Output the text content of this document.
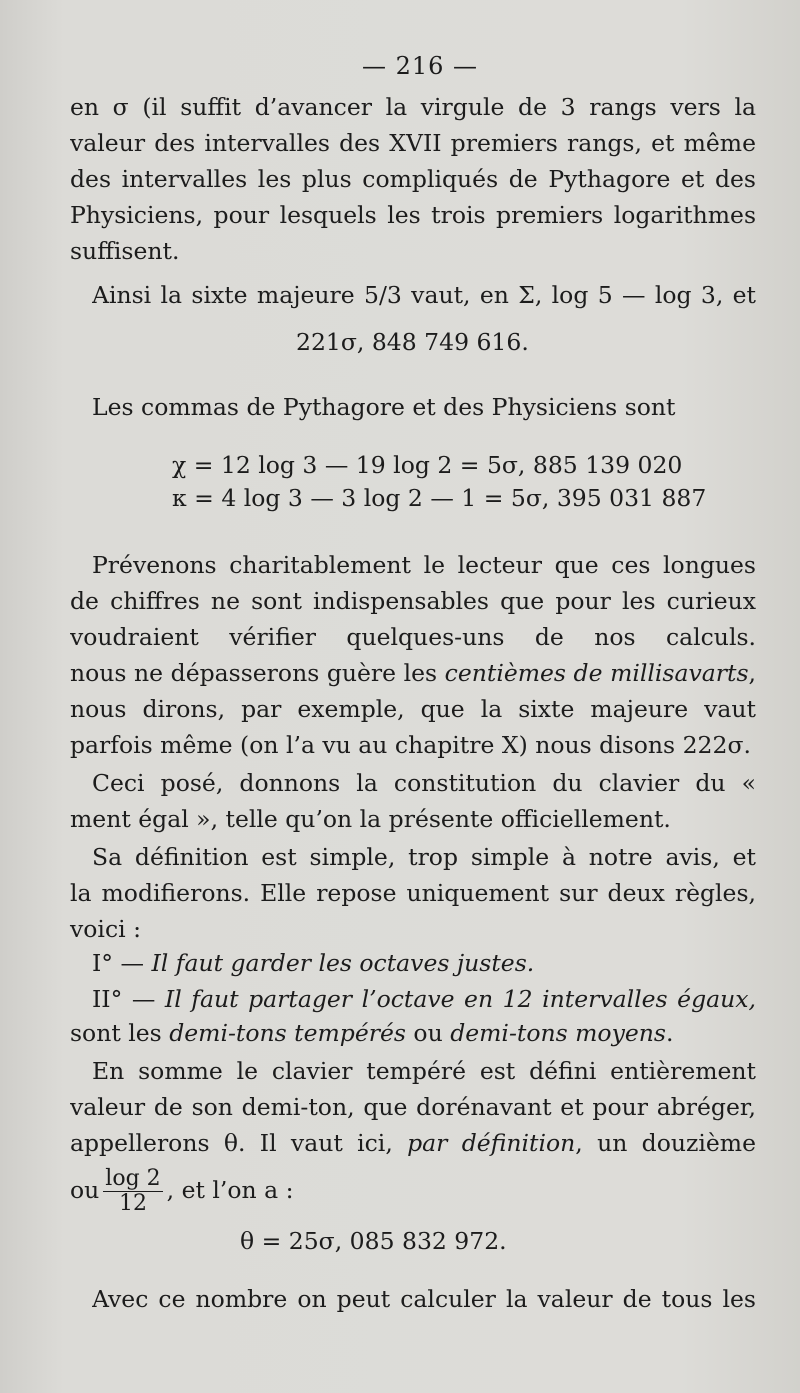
— 216 —
en σ (il suffit d’avancer la virgule de 3 rangs vers la
valeur des intervalles des XVII premiers rangs, et même
des intervalles les plus compliqués de Pythagore et des
Physiciens, pour lesquels les trois premiers logarithmes
suffisent.
Ainsi la sixte majeure 5/3 vaut, en Σ, log 5 — log 3, et
221σ, 848 749 616.
Les commas de Pythagore et des Physiciens sont
χ = 12 log 3 — 19 log 2 = 5σ, 885 139 020
κ = 4 log 3 — 3 log 2 — 1 = 5σ, 395 031 887
Prévenons charitablement le lecteur que ces longues
de chiffres ne sont indispensables que pour les curieux
voudraient vérifier quelques-uns de nos calculs.
nous ne dépasserons guère les centièmes de millisavarts,
nous dirons, par exemple, que la sixte majeure vaut
parfois même (on l’a vu au chapitre X) nous disons 222σ.
Ceci posé, donnons la constitution du clavier du «
ment égal », telle qu’on la présente officiellement.
Sa définition est simple, trop simple à notre avis, et
la modifierons. Elle repose uniquement sur deux règles,
voici :
I° — Il faut garder les octaves justes.
II° — Il faut partager l’octave en 12 intervalles égaux,
sont les demi-tons tempérés ou demi-tons moyens.
En somme le clavier tempéré est défini entièrement
valeur de son demi-ton, que dorénavant et pour abréger,
appellerons θ. Il vaut ici, par définition, un douzième
ou $\frac{\log 2}{12}$ , et l’on a :
θ = 25σ, 085 832 972.
Avec ce nombre on peut calculer la valeur de tous les
